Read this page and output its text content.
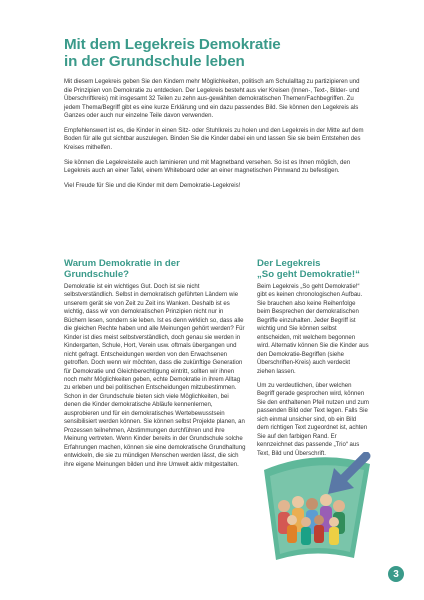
Mit dem Legekreis Demokratie
in der Grundschule leben

Mit diesem Legekreis geben Sie den Kindern mehr Möglichkeiten, politisch am Schulalltag zu partizipieren und die Prinzipien von Demokratie zu entdecken. Der Legekreis besteht aus vier Kreisen (Innen-, Text-, Bilder- und Überschriftkreis) mit insgesamt 32 Teilen zu zehn aus-gewählten demokratischen Themen/Fachbegriffen. Zu jedem Thema/Begriff gibt es eine kurze Erklärung und ein dazu passendes Bild. Sie können den Legekreis als Ganzes oder auch nur einzelne Teile davon verwenden.

Empfehlenswert ist es, die Kinder in einen Sitz- oder Stuhlkreis zu holen und den Legekreis in der Mitte auf dem Boden für alle gut sichtbar auszulegen. Binden Sie die Kinder dabei ein und lassen Sie sie beim Entstehen des Kreises mithelfen.

Sie können die Legekreisteile auch laminieren und mit Magnetband versehen. So ist es Ihnen möglich, den Legekreis auch an einer Tafel, einem Whiteboard oder an einer magnetischen Pinnwand zu befestigen.

Viel Freude für Sie und die Kinder mit dem Demokratie-Legekreis!

Warum Demokratie in der Grundschule?

Demokratie ist ein wichtiges Gut. Doch ist sie nicht selbstverständlich. Selbst in demokratisch geführten Ländern wie unserem gerät sie von Zeit zu Zeit ins Wanken. Deshalb ist es wichtig, dass wir von demokratischen Prinzipien nicht nur in Büchern lesen, sondern sie leben. Ist es denn wirklich so, dass alle die gleichen Rechte haben und alle Meinungen gehört werden? Für Kinder ist dies meist selbstverständlich, doch genau sie werden in Kindergarten, Schule, Hort, Verein usw. oftmals übergangen und nicht gefragt. Entscheidungen werden von den Erwachsenen getroffen. Doch wenn wir möchten, dass die zukünftige Generation für Demokratie und Gleichberechtigung eintritt, sollten wir ihnen noch mehr Möglichkeiten geben, echte Demokratie in ihrem Alltag zu erleben und bei politischen Entscheidungen mitzubestimmen. Schon in der Grundschule bieten sich viele Möglichkeiten, bei denen die Kinder demokratische Abläufe kennenlernen, ausprobieren und für ein demokratisches Wertebewusstsein sensibilisiert werden können. Sie können selbst Projekte planen, an Prozessen teilnehmen, Abstimmungen durchführen und ihre Meinung vertreten. Wenn Kinder bereits in der Grundschule solche Erfahrungen machen, können sie eine demokratische Grundhaltung entwickeln, die sie zu mündigen Menschen werden lässt, die sich ihre eigene Meinungen bilden und ihre Umwelt aktiv mitgestalten.

Der Legekreis
„So geht Demokratie!“

Beim Legekreis „So geht Demokratie!“ gibt es keinen chronologischen Aufbau. Sie brauchen also keine Reihenfolge beim Besprechen der demokratischen Begriffe einzuhalten. Jeder Begriff ist wichtig und Sie können selbst entscheiden, mit welchem begonnen wird. Alternativ können Sie die Kinder aus den Demokratie-Begriffen (siehe Überschriften-Kreis) auch verdeckt ziehen lassen.

Um zu verdeutlichen, über welchen Begriff gerade gesprochen wird, können Sie den enthaltenen Pfeil nutzen und zum passenden Bild oder Text legen. Falls Sie sich einmal unsicher sind, ob ein Bild dem richtigen Text zugeordnet ist, achten Sie auf den farbigen Rand. Er kennzeichnet das passende „Trio“ aus Text, Bild und Überschrift.

3
